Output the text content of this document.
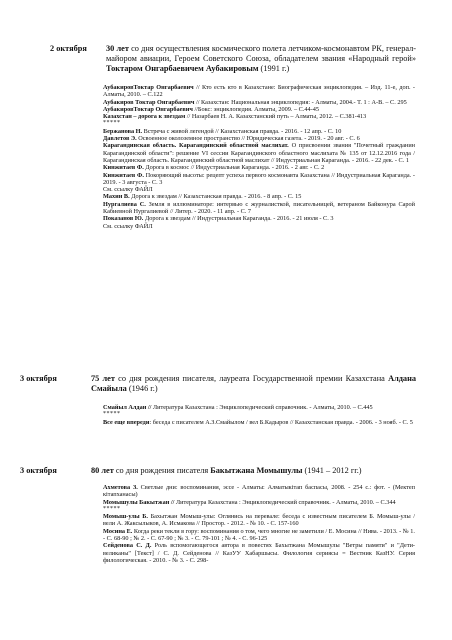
2 октября 30 лет со дня осуществления космического полета летчиком-космонавтом РК, генерал-майором авиации, Героем Советского Союза, обладателем звания «Народный герой» Токтаром Онгарбаевичем Аубакировым (1991 г.)

АубакировТоктар Онгарбаевич // Кто есть кто в Казахстане: Биографическая энциклопедия. – Изд. 11-е, доп. - Алматы, 2010. – С.122

Аубакиров Токтар Онгарбаевич // Казахстан: Национальная энциклопедия: - Алматы, 2004.- Т. 1 : А-В. – С. 295

АубакировТоктар Онгарбаевич //Бокс: энциклопедия. Алматы, 2009. – С.44-45

Казахстан – дорога к звездам // Назарбаев Н. А. Казахстанский путь – Алматы, 2012. – С.381-413

*****

Бержанова Н. Встреча с живой легендой // Казахстанская правда. - 2016. - 12 апр. - С. 10

Давлетов Э. Освоенное околоземное пространство // Юридическая газета. - 2019. - 20 авг. - С. 6

Карагандинская область. Карагандинский областной маслихат. О присвоении звания "Почетный гражданин Карагандинской области": решение VI сессии Карагандинского областного маслихата № 135 от 12.12.2016 года / Карагандинская область. Карагандинский областной маслихат // Индустриальная Караганда. - 2016. - 22 дек. - С. 1

Кинжитаев Ф. Дорога в космос // Индустриальная Караганда. - 2016. - 2 авг. - С. 2

Кинжитаев Ф. Покоряющий высоты: рецепт успеха первого космонавта Казахстана // Индустриальная Караганда. - 2019. - 3 августа - С. 3

См. ссылку ФАЙЛ

Махин В. Дорога к звездам // Казахстанская правда. - 2016. - 8 апр. - С. 15

Нургалиева С. Земля в иллюминаторе: интервью с журналисткой, писательницей, ветераном Байконура Сарой Кабиевной Нургалиевой // Литер. - 2020. - 11 апр. - С. 7

Показанов Ю. Дорога к звездам // Индустриальная Караганда. - 2016. - 21 июля - С. 3

См. ссылку ФАЙЛ

3 октября	75 лет со дня рождения писателя, лауреата Государственной премии Казахстана Алдана Смайыла (1946 г.)

Смайыл Алдан // Литература Казахстана : Энциклопедический справочник. - Алматы, 2010. – С.445

*****

Все еще впереди: беседа с писателем А.З.Смайылом / вел Б.Кадыров // Казахстанская правда. - 2006. - 3 нояб. - С. 5

3 октября	80 лет со дня рождения писателя Бакытжана Момышулы (1941 – 2012 гг.)

Ахметова З. Светлые дни: воспоминания, эссе - Алматы: Алматыкітап баспасы, 2008. - 254 с.: фот. - (Мектеп кітапханасы)

Момышулы Бакытжан // Литература Казахстана : Энциклопедический справочник. - Алматы, 2010. – С.344

*****

Момыш-улы Б. Бахытжан Момыш-улы: Оглянись на перевале: беседа с известным писателем Б. Момыш-улы / вели А. Жаксылыков, А. Исмакова // Простор. - 2012. - № 10. - С. 157-160

Мосина Е. Когда реки текли в гору: воспоминания о том, чего многие не заметили / Е. Мосина // Нива. - 2013. - № 1. - С. 68-90 ; № 2. - С. 67-90 ; № 3. - С. 79-101 ; № 4. - С. 96-125

Сейденова С. Д. Роль вспомогающегося автора в повестях Бахытжана Момышулы "Ветры памяти" и "Дети-великаны" [Текст] / С. Д. Сейденова // КазУУ Хабаршысы. Филология сериясы = Вестник КазНУ. Серия филологическая. - 2010. - № 3. - С. 298-
